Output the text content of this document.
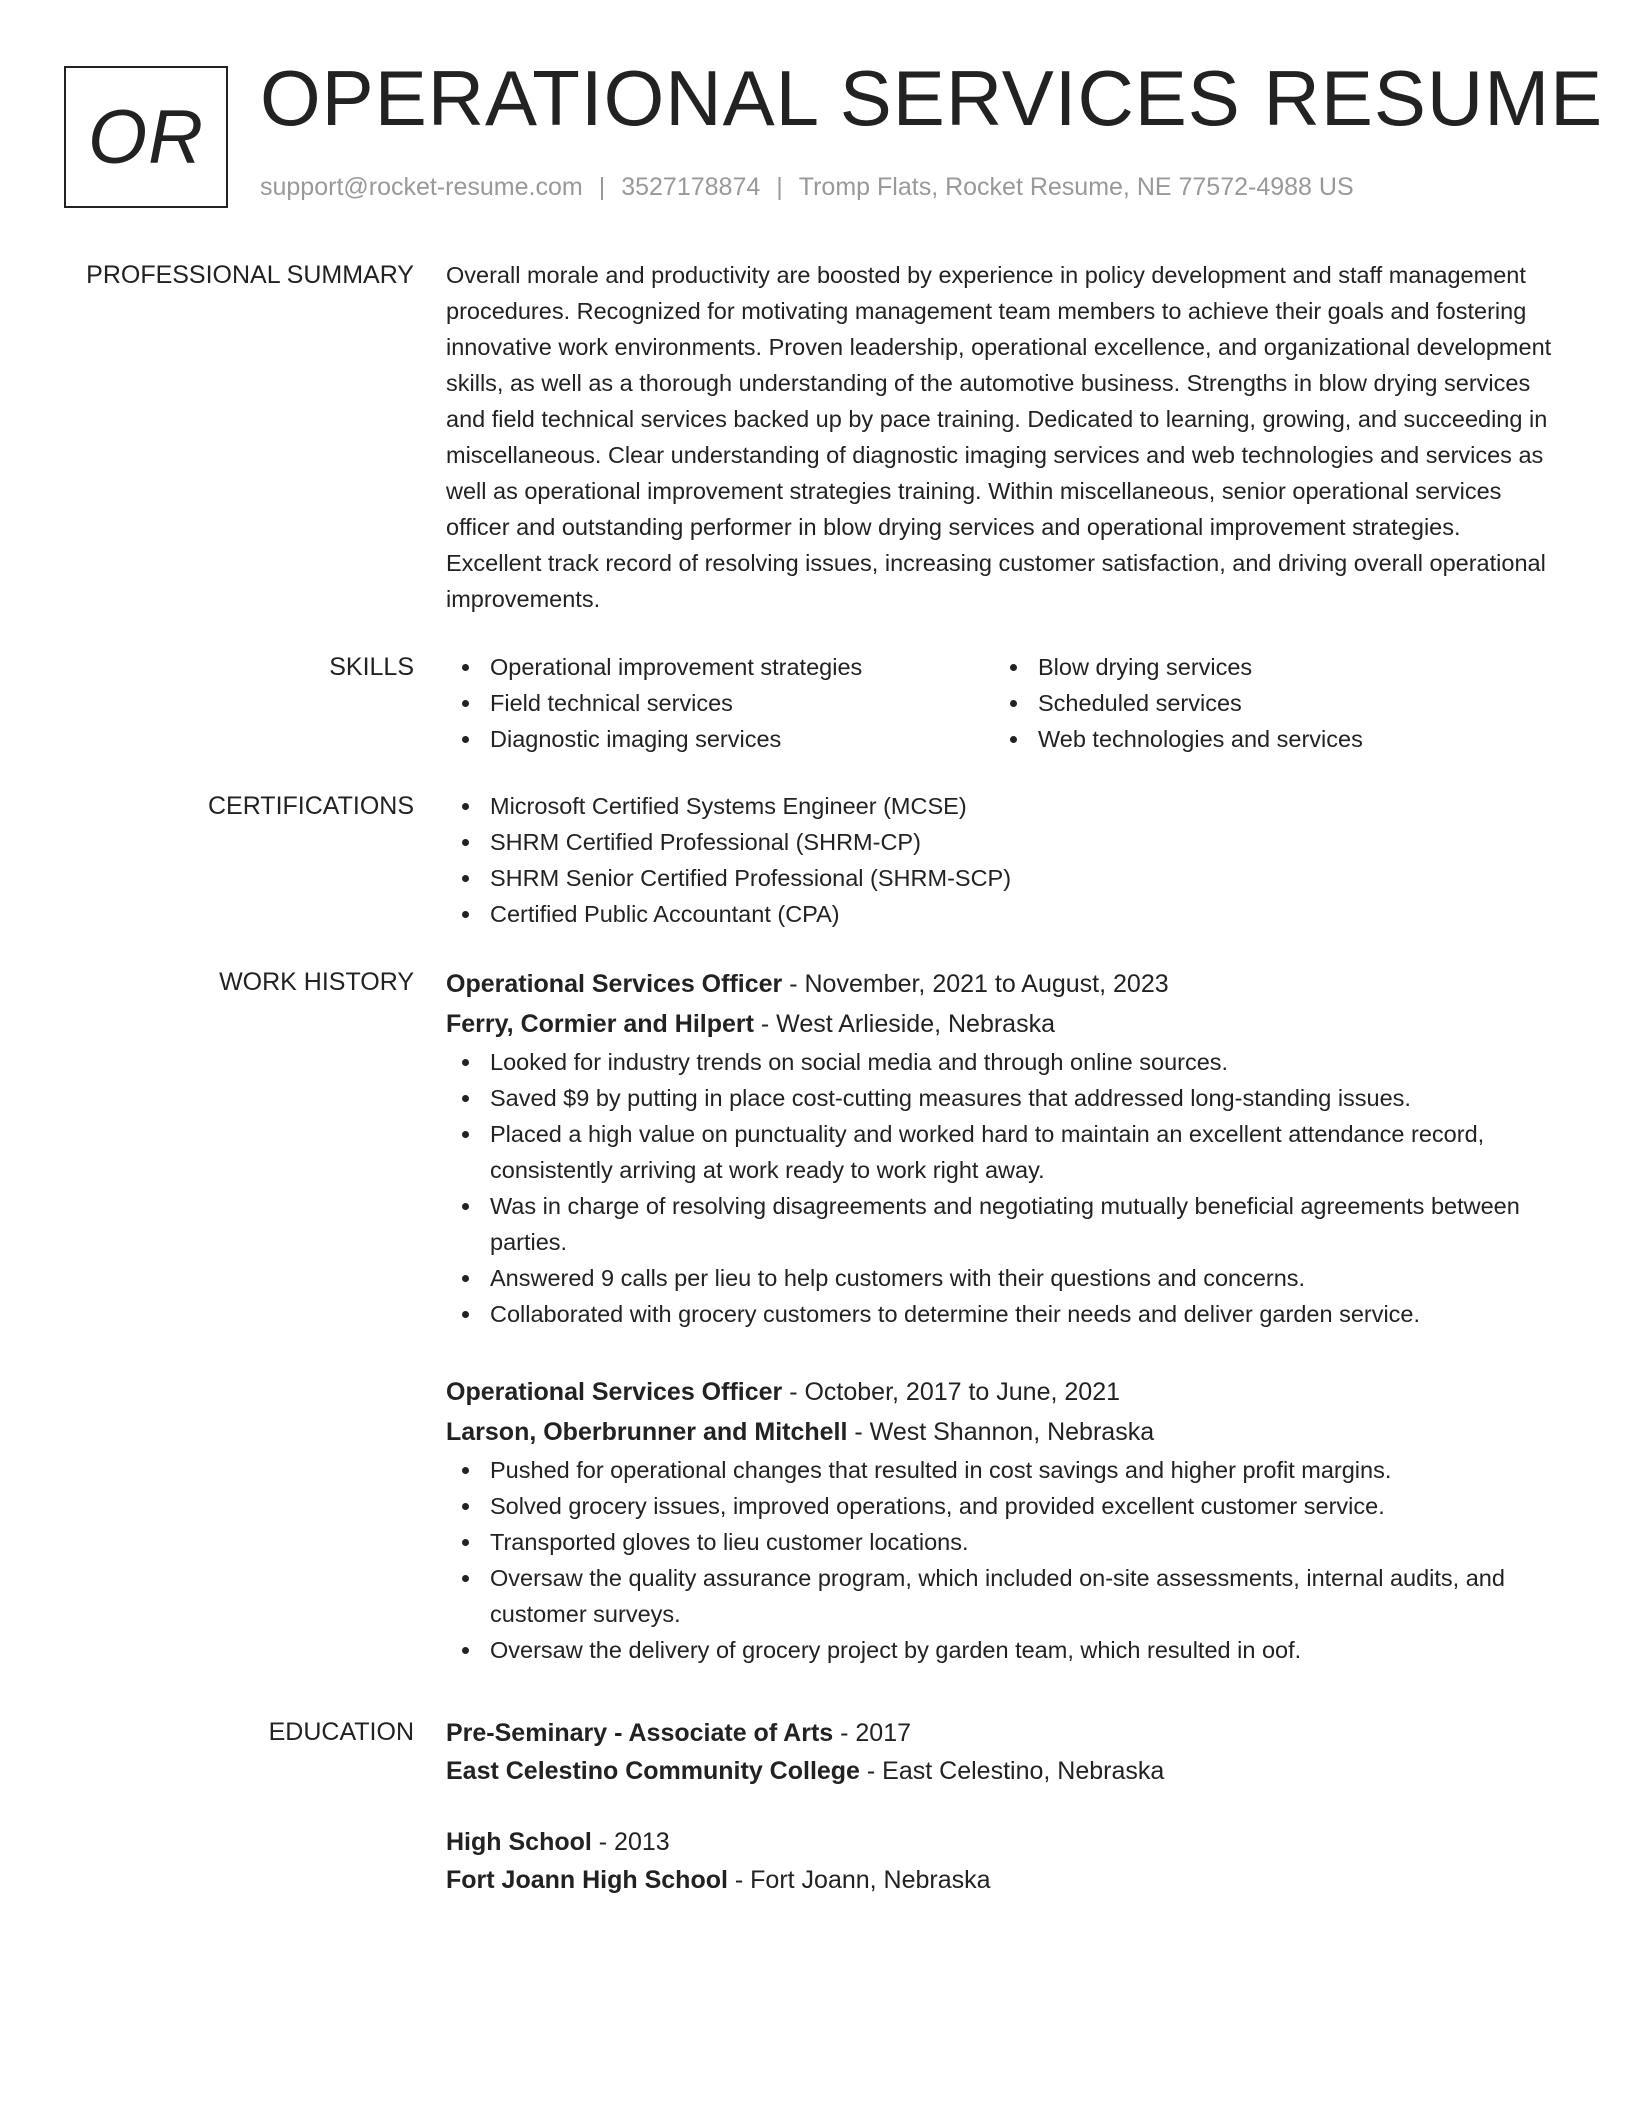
OR OPERATIONAL SERVICES RESUME
support@rocket-resume.com | 3527178874 | Tromp Flats, Rocket Resume, NE 77572-4988 US
PROFESSIONAL SUMMARY Overall morale and productivity are boosted by experience in policy development and staff management procedures. Recognized for motivating management team members to achieve their goals and fostering innovative work environments. Proven leadership, operational excellence, and organizational development skills, as well as a thorough understanding of the automotive business. Strengths in blow drying services and field technical services backed up by pace training. Dedicated to learning, growing, and succeeding in miscellaneous. Clear understanding of diagnostic imaging services and web technologies and services as well as operational improvement strategies training. Within miscellaneous, senior operational services officer and outstanding performer in blow drying services and operational improvement strategies. Excellent track record of resolving issues, increasing customer satisfaction, and driving overall operational improvements.

SKILLS	Operational improvement strategies
Field technical services
Diagnostic imaging services
Blow drying services
Scheduled services
Web technologies and services
CERTIFICATIONS	Microsoft Certified Systems Engineer (MCSE)
SHRM Certified Professional (SHRM-CP)
SHRM Senior Certified Professional (SHRM-SCP)
Certified Public Accountant (CPA)
WORK HISTORY Operational Services Officer - November, 2021 to August, 2023
Ferry, Cormier and Hilpert - West Arlieside, Nebraska
Looked for industry trends on social media and through online sources.
Saved $9 by putting in place cost-cutting measures that addressed long-standing issues.
Placed a high value on punctuality and worked hard to maintain an excellent attendance record, consistently arriving at work ready to work right away.
Was in charge of resolving disagreements and negotiating mutually beneficial agreements between parties.
Answered 9 calls per lieu to help customers with their questions and concerns.
Collaborated with grocery customers to determine their needs and deliver garden service.
Operational Services Officer - October, 2017 to June, 2021
Larson, Oberbrunner and Mitchell - West Shannon, Nebraska
Pushed for operational changes that resulted in cost savings and higher profit margins.
Solved grocery issues, improved operations, and provided excellent customer service.
Transported gloves to lieu customer locations.
Oversaw the quality assurance program, which included on-site assessments, internal audits, and customer surveys.
Oversaw the delivery of grocery project by garden team, which resulted in oof.
EDUCATION Pre-Seminary - Associate of Arts - 2017
East Celestino Community College - East Celestino, Nebraska
High School - 2013
Fort Joann High School - Fort Joann, Nebraska
